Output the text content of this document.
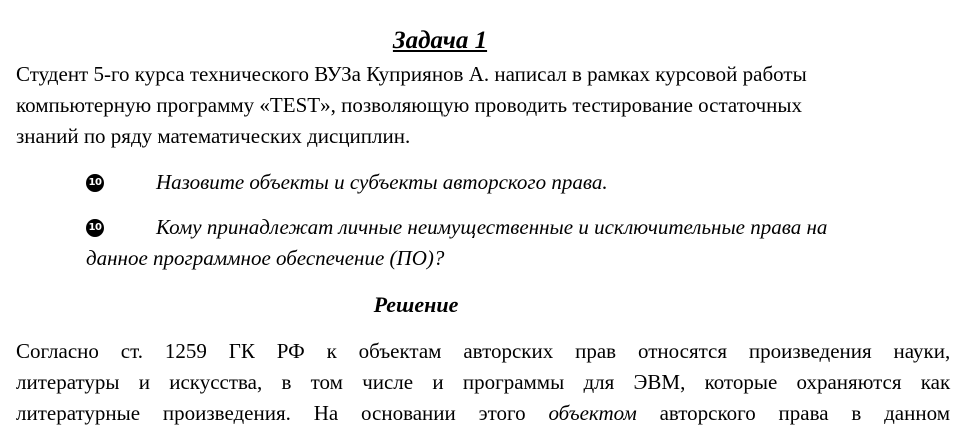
Задача 1
Студент 5-го курса технического ВУЗа Куприянов А. написал в рамках курсовой работы
компьютерную программу «TEST», позволяющую проводить тестирование остаточных
знаний по ряду математических дисциплин.
10	Назовите объекты и субъекты авторского права.
10	Кому принадлежат личные неимущественные и исключительные права на
данное программное обеспечение (ПО)?
Решение
Согласно ст. 1259 ГК РФ к объектам авторских прав относятся произведения науки,
литературы и искусства, в том числе и программы для ЭВМ, которые охраняются как
литературные произведения. На основании этого объектом авторского права в данном
